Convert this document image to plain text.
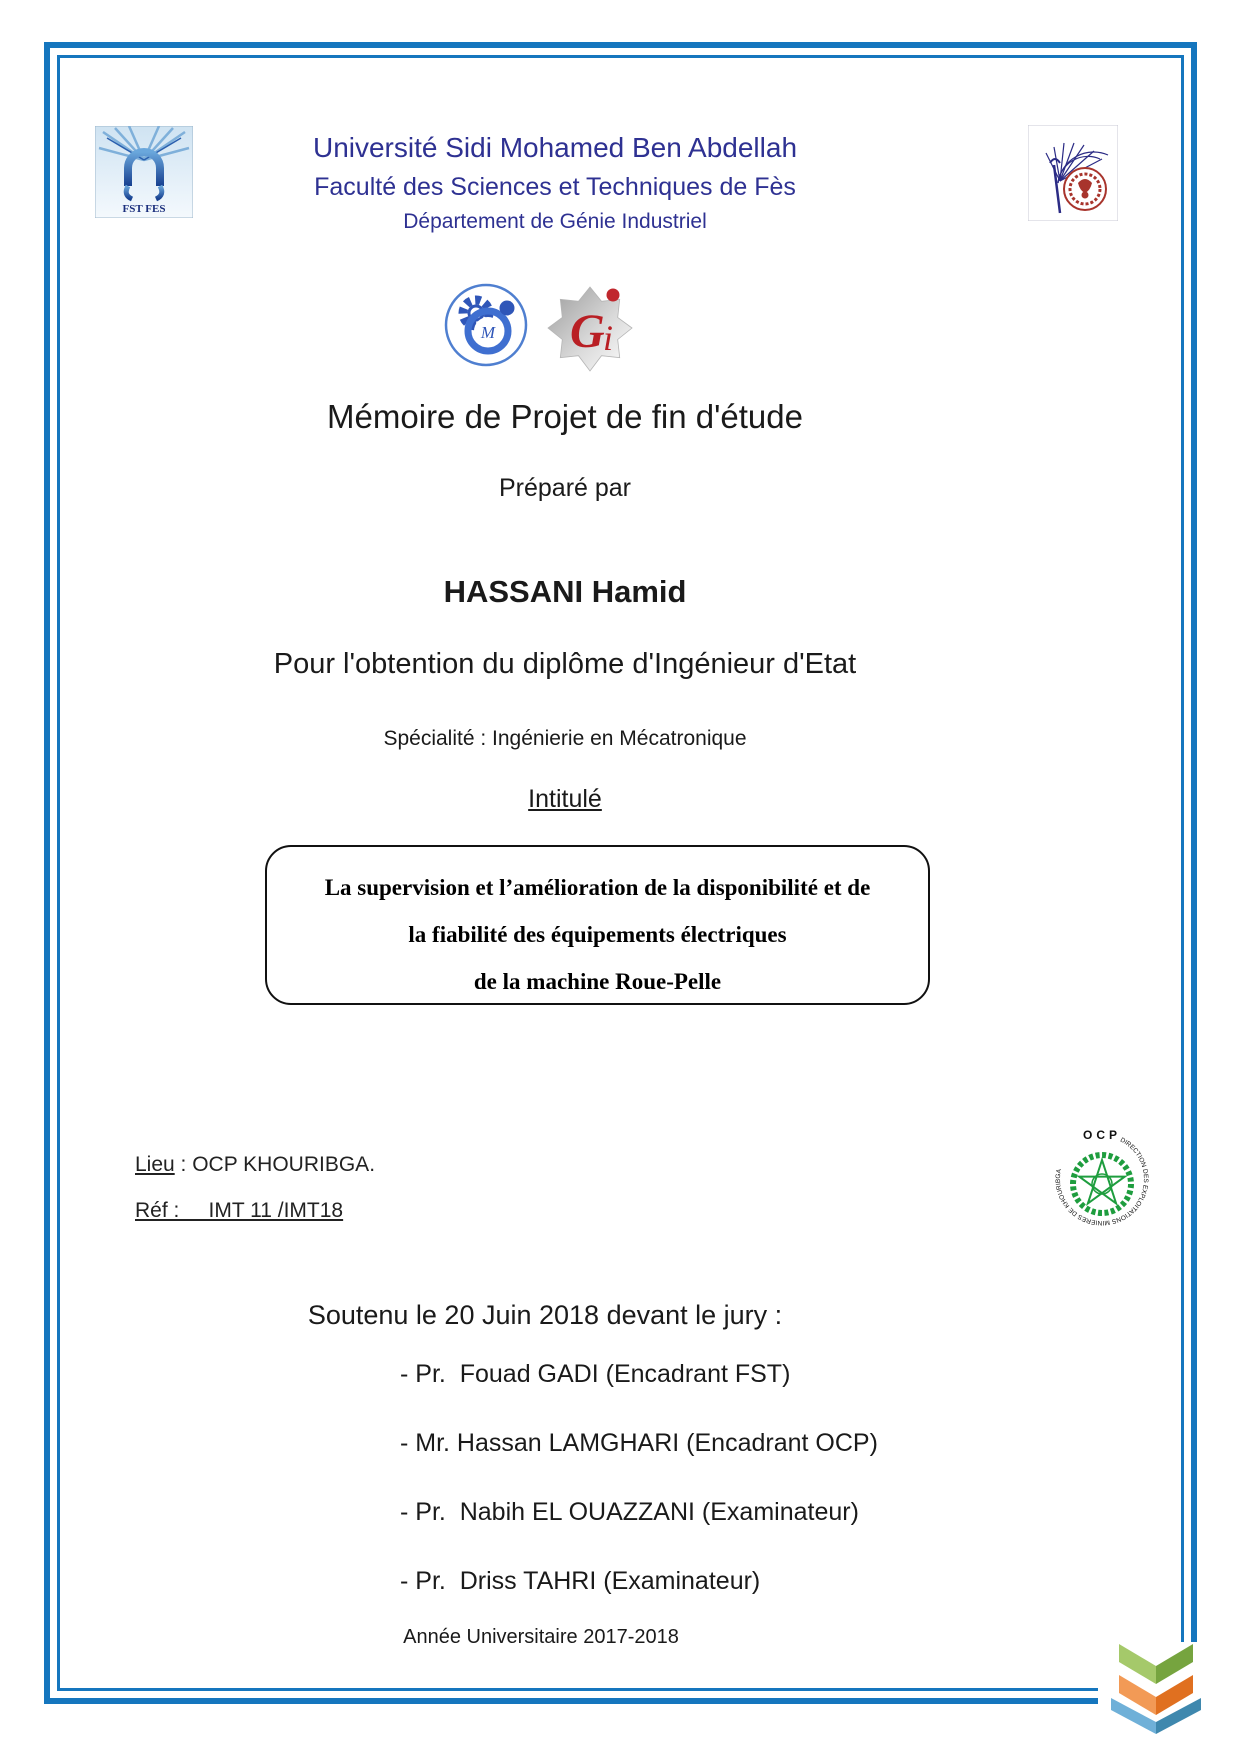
FST FES

Université Sidi Mohamed Ben Abdellah

Faculté des Sciences et Techniques de Fès

Département de Génie Industriel

M G
i
Mémoire de Projet de fin d'étude
Préparé par
HASSANI Hamid
Pour l'obtention du diplôme d'Ingénieur d'Etat
Spécialité : Ingénierie en Mécatronique
Intitulé
La supervision et l’amélioration de la disponibilité et de
la fiabilité des équipements électriques
de la machine Roue-Pelle
Lieu : OCP KHOURIBGA.
Réf :     IMT 11 /IMT18
OCP
DIRECTION DES EXPLOITATIONS MINIERES DE KHOURIBGA
Soutenu le 20 Juin 2018 devant le jury :
- Pr.  Fouad GADI (Encadrant FST)
- Mr. Hassan LAMGHARI (Encadrant OCP)
- Pr.  Nabih EL OUAZZANI (Examinateur)
- Pr.  Driss TAHRI (Examinateur)
Année Universitaire 2017-2018
